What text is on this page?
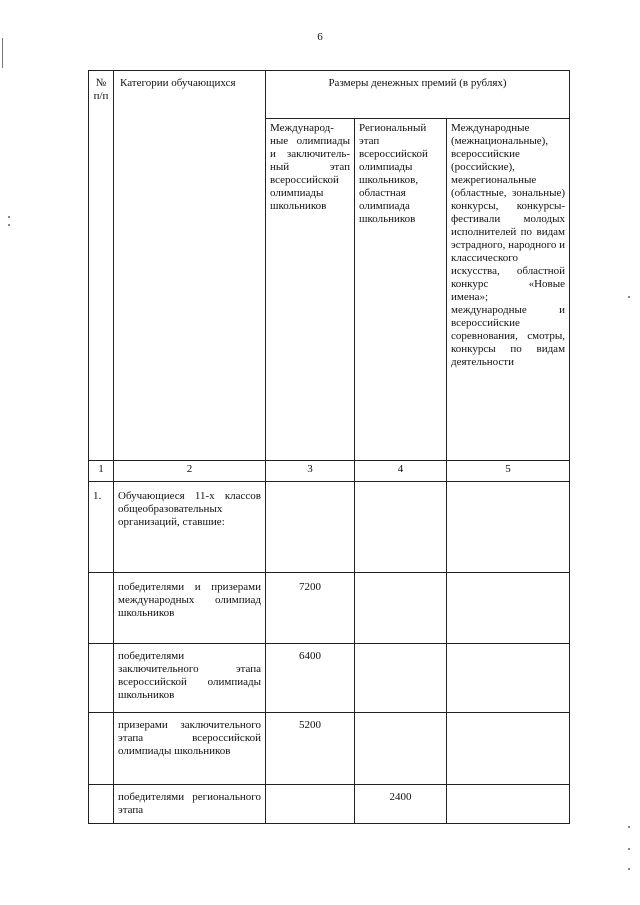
6
№ п/п	Категории обучающихся	Размеры денежных премий (в рублях)		
		Международ-ные олимпиады и заключитель-ный этап всероссийской олимпиады школьников	Региональный этап всероссийской олимпиады школьников, областная олимпиада школьников	Международные (межнациональные), всероссийские (российские), межрегиональные (областные, зональные) конкурсы, конкурсы-фестивали молодых исполнителей по видам эстрадного, народного и классического искусства, областной конкурс «Новые имена»; международные и всероссийские соревнования, смотры, конкурсы по видам деятельности
1	2	3	4	5
1.	Обучающиеся 11-х классов общеобразовательных организаций, ставшие:			
	победителями и призерами международных олимпиад школьников	7200		
	победителями заключительного этапа всероссийской олимпиады школьников	6400		
	призерами заключительного этапа всероссийской олимпиады школьников	5200		
	победителями регионального этапа		2400	
